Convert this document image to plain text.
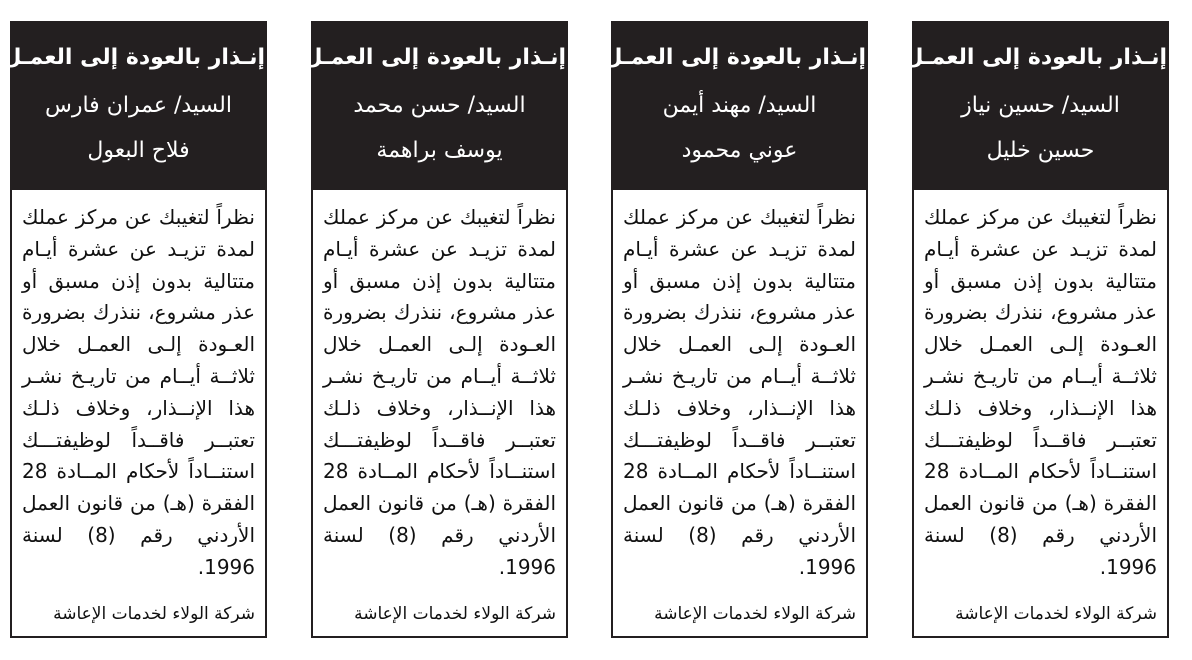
إنـذار بالعودة إلى العمـل
السيد/ عمران فارس
فلاح البعول
نظراً لتغيبك عن مركز عملك لمدة تزيـد عن عشرة أيـام متتالية بدون إذن مسبق أو عذر مشروع، ننذرك بضرورة العـودة إلـى العمـل خلال ثلاثــة أيــام من تاريـخ نشـر هذا الإنــذار، وخلاف ذلـك تعتبــر فاقــداً لوظيفتـــك استنــاداً لأحكام المــادة 28 الفقرة (هـ) من قانون العمل الأردني رقم (8) لسنة 1996.
شركة الولاء لخدمات الإعاشة
إنـذار بالعودة إلى العمـل
السيد/ حسن محمد
يوسف براهمة
نظراً لتغيبك عن مركز عملك لمدة تزيـد عن عشرة أيـام متتالية بدون إذن مسبق أو عذر مشروع، ننذرك بضرورة العـودة إلـى العمـل خلال ثلاثــة أيــام من تاريـخ نشـر هذا الإنــذار، وخلاف ذلـك تعتبــر فاقــداً لوظيفتـــك استنــاداً لأحكام المــادة 28 الفقرة (هـ) من قانون العمل الأردني رقم (8) لسنة 1996.
شركة الولاء لخدمات الإعاشة
إنـذار بالعودة إلى العمـل
السيد/ مهند أيمن
عوني محمود
نظراً لتغيبك عن مركز عملك لمدة تزيـد عن عشرة أيـام متتالية بدون إذن مسبق أو عذر مشروع، ننذرك بضرورة العـودة إلـى العمـل خلال ثلاثــة أيــام من تاريـخ نشـر هذا الإنــذار، وخلاف ذلـك تعتبــر فاقــداً لوظيفتـــك استنــاداً لأحكام المــادة 28 الفقرة (هـ) من قانون العمل الأردني رقم (8) لسنة 1996.
شركة الولاء لخدمات الإعاشة
إنـذار بالعودة إلى العمـل
السيد/ حسين نياز
حسين خليل
نظراً لتغيبك عن مركز عملك لمدة تزيـد عن عشرة أيـام متتالية بدون إذن مسبق أو عذر مشروع، ننذرك بضرورة العـودة إلـى العمـل خلال ثلاثــة أيــام من تاريـخ نشـر هذا الإنــذار، وخلاف ذلـك تعتبــر فاقــداً لوظيفتـــك استنــاداً لأحكام المــادة 28 الفقرة (هـ) من قانون العمل الأردني رقم (8) لسنة 1996.
شركة الولاء لخدمات الإعاشة
